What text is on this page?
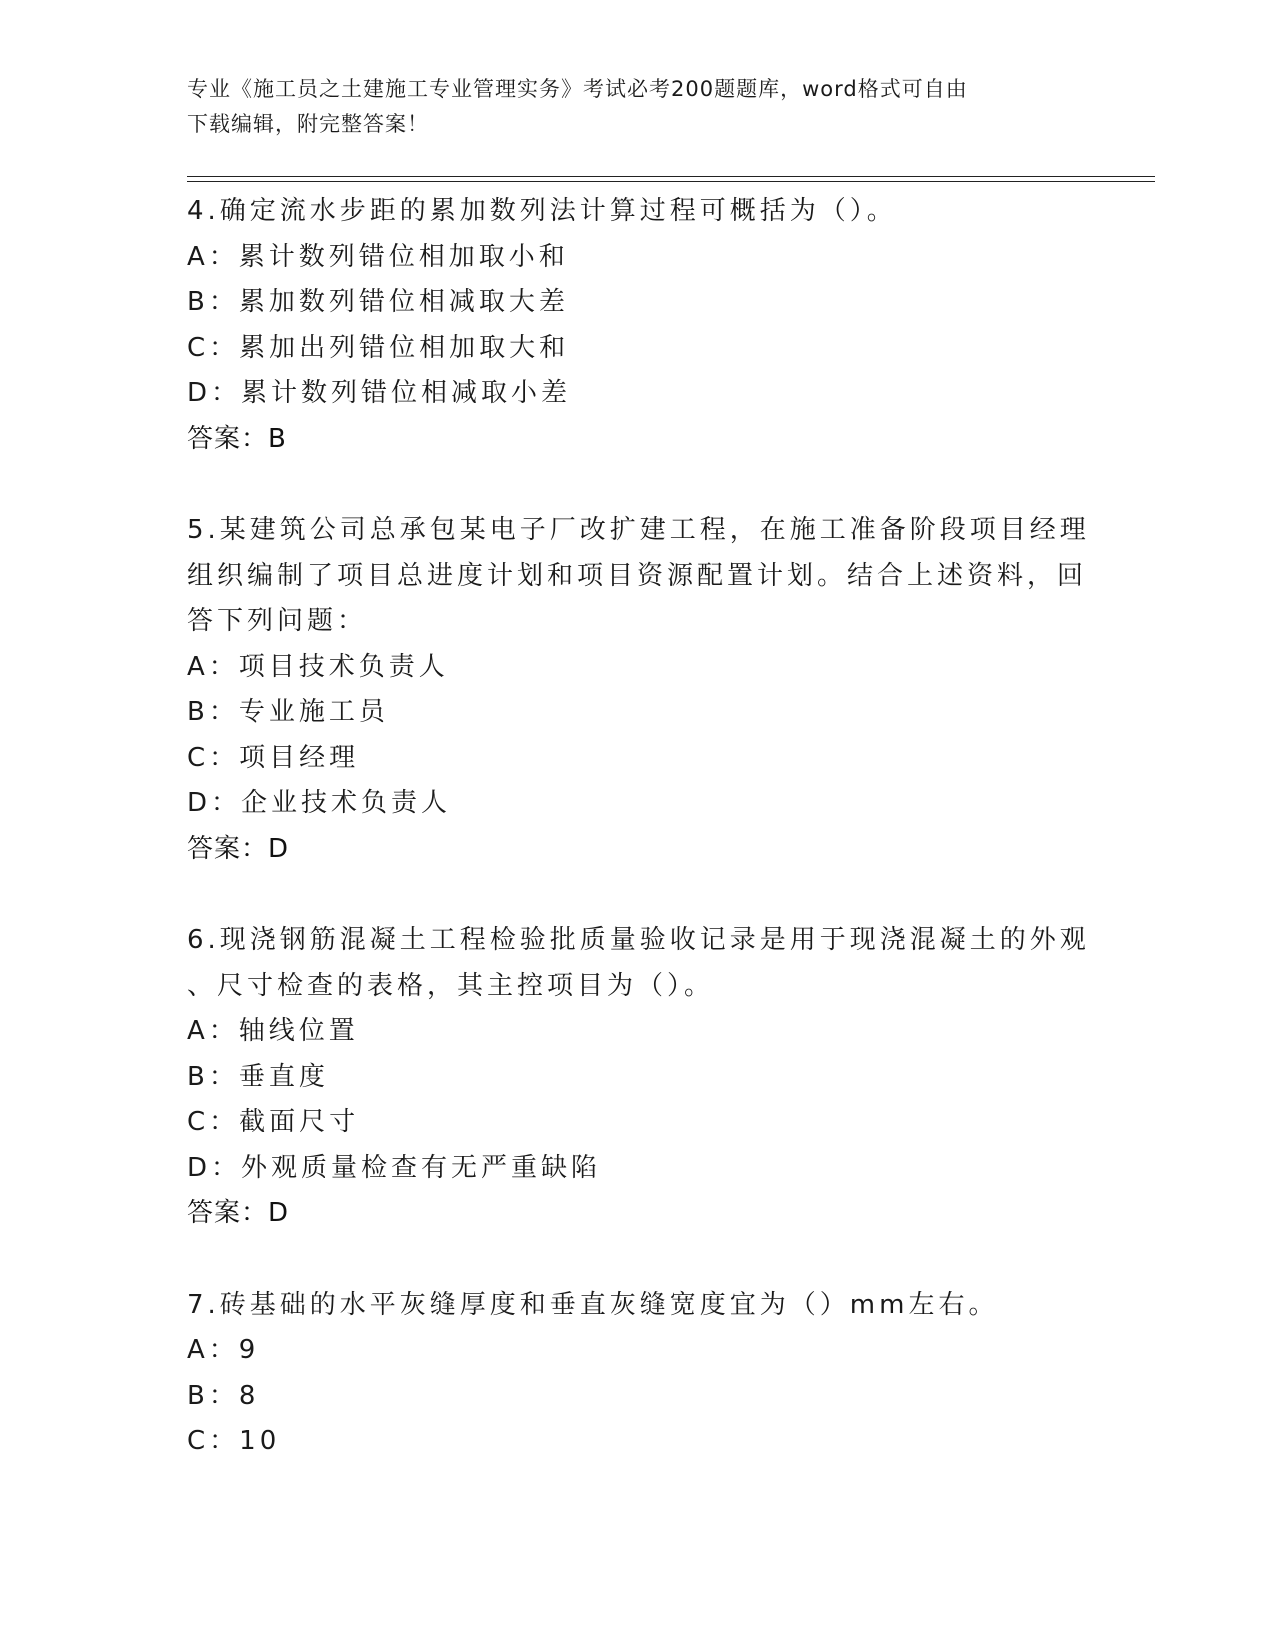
专业《施工员之土建施工专业管理实务》考试必考200题题库，word格式可自由
下载编辑，附完整答案！
4.确定流水步距的累加数列法计算过程可概括为（）。
A：累计数列错位相加取小和
B：累加数列错位相减取大差
C：累加出列错位相加取大和
D：累计数列错位相减取小差
答案：B
5.某建筑公司总承包某电子厂改扩建工程，在施工准备阶段项目经理
组织编制了项目总进度计划和项目资源配置计划。结合上述资料，回
答下列问题：
A：项目技术负责人
B：专业施工员
C：项目经理
D：企业技术负责人
答案：D
6.现浇钢筋混凝土工程检验批质量验收记录是用于现浇混凝土的外观
、尺寸检查的表格，其主控项目为（）。
A：轴线位置
B：垂直度
C：截面尺寸
D：外观质量检查有无严重缺陷
答案：D
7.砖基础的水平灰缝厚度和垂直灰缝宽度宜为（）mm左右。
A：9
B：8
C：10
